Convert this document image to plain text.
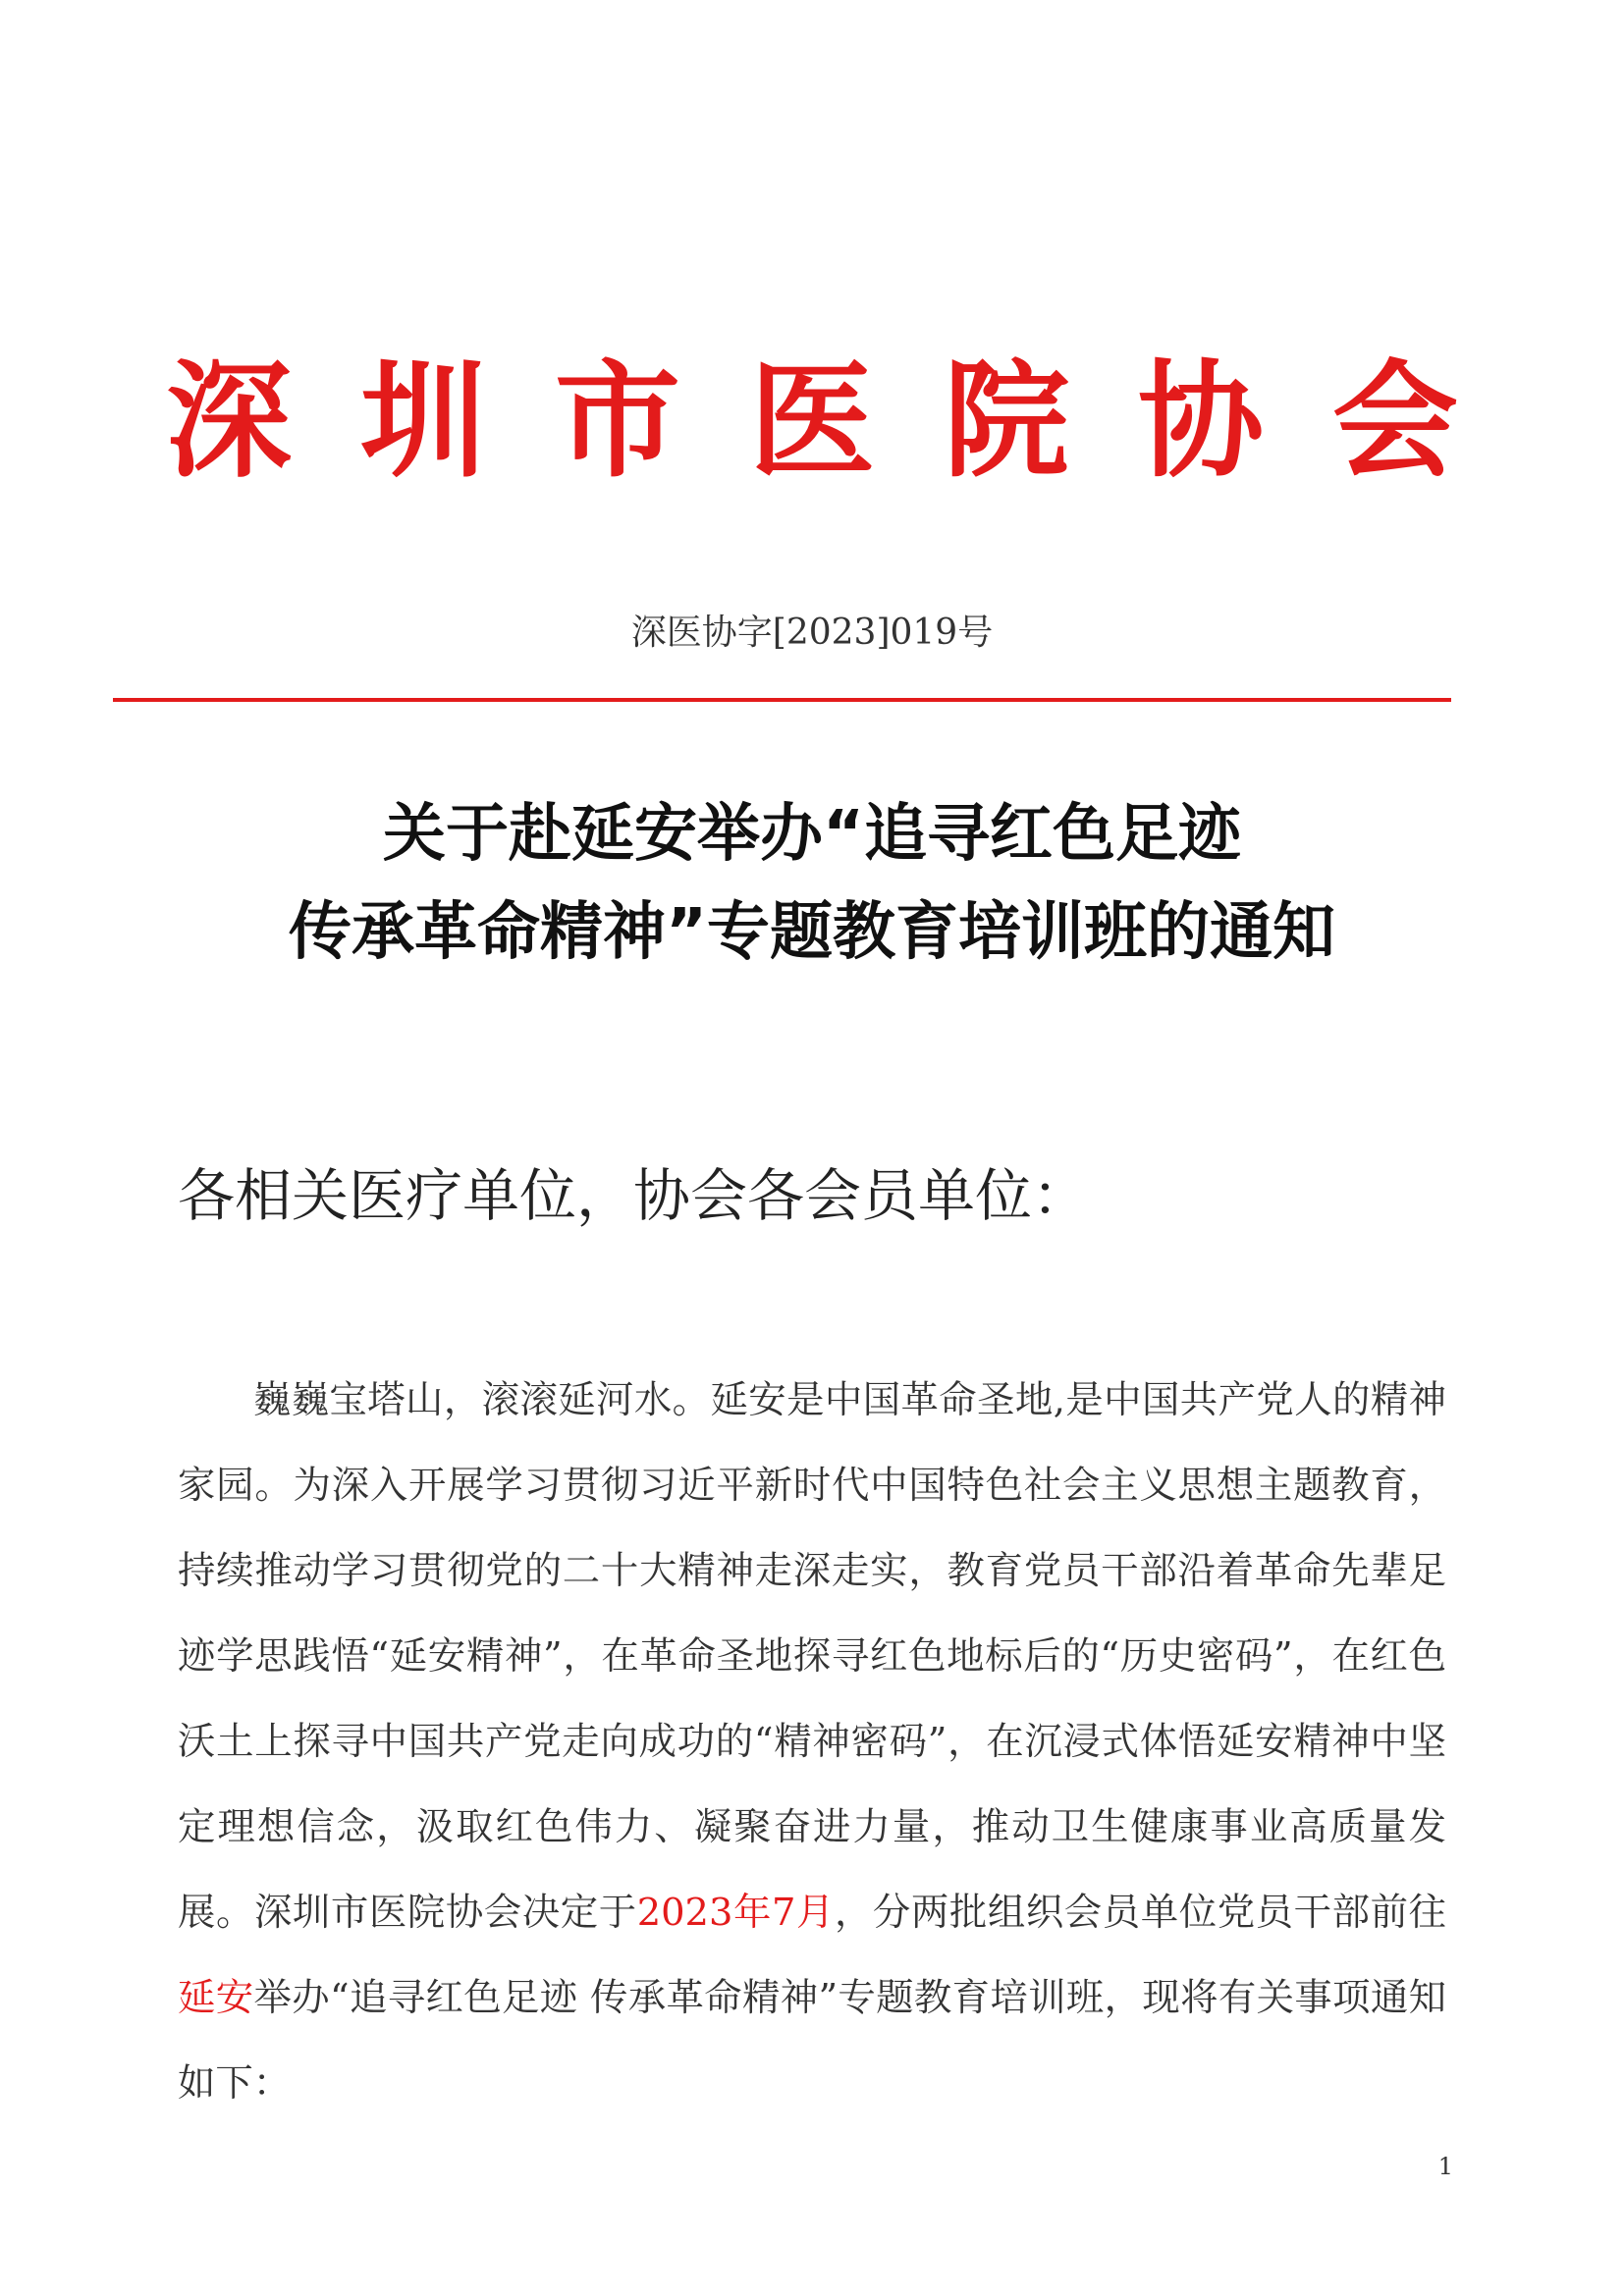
深圳市医院协会
深医协字[2023]019号
关于赴延安举办“追寻红色足迹
传承革命精神”专题教育培训班的通知
各相关医疗单位，协会各会员单位：

巍巍宝塔山，滚滚延河水。延安是中国革命圣地,是中国共产党人的精神家园。为深入开展学习贯彻习近平新时代中国特色社会主义思想主题教育，持续推动学习贯彻党的二十大精神走深走实，教育党员干部沿着革命先辈足迹学思践悟“延安精神”，在革命圣地探寻红色地标后的“历史密码”，在红色沃土上探寻中国共产党走向成功的“精神密码”，在沉浸式体悟延安精神中坚定理想信念，汲取红色伟力、凝聚奋进力量，推动卫生健康事业高质量发展。深圳市医院协会决定于2023年7月，分两批组织会员单位党员干部前往延安举办“追寻红色足迹 传承革命精神”专题教育培训班，现将有关事项通知如下：

1
